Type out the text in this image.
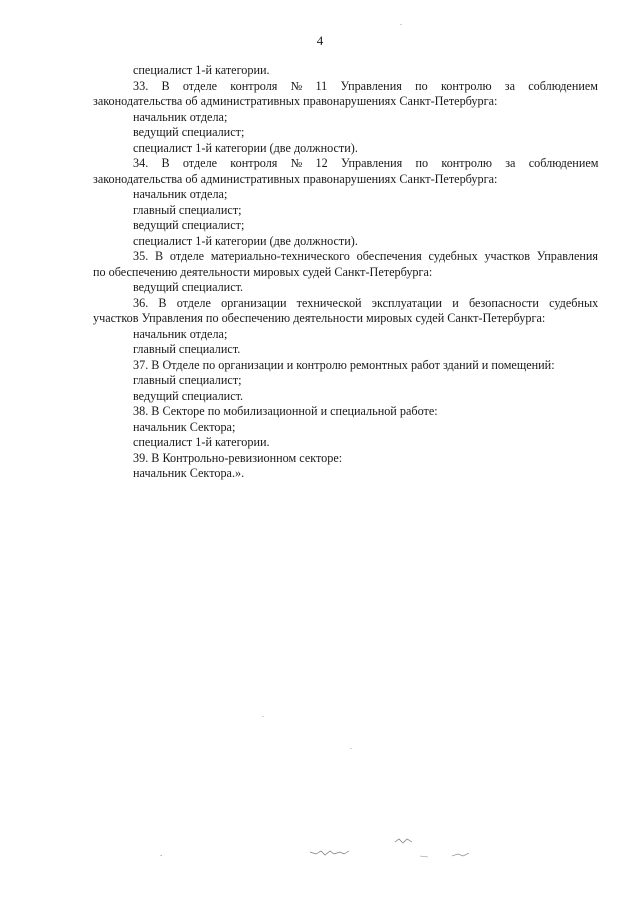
4
специалист 1-й категории.
33. В отделе контроля № 11 Управления по контролю за соблюдением
законодательства об административных правонарушениях Санкт-Петербурга:
начальник отдела;
ведущий специалист;
специалист 1-й категории (две должности).
34. В отделе контроля № 12 Управления по контролю за соблюдением
законодательства об административных правонарушениях Санкт-Петербурга:
начальник отдела;
главный специалист;
ведущий специалист;
специалист 1-й категории (две должности).
35. В отделе материально-технического обеспечения судебных участков Управления
по обеспечению деятельности мировых судей Санкт-Петербурга:
ведущий специалист.
36. В отделе организации технической эксплуатации и безопасности судебных
участков Управления по обеспечению деятельности мировых судей Санкт-Петербурга:
начальник отдела;
главный специалист.
37. В Отделе по организации и контролю ремонтных работ зданий и помещений:
главный специалист;
ведущий специалист.
38. В Секторе по мобилизационной и специальной работе:
начальник Сектора;
специалист 1-й категории.
39. В Контрольно-ревизионном секторе:
начальник Сектора.».
·
·
·
·
